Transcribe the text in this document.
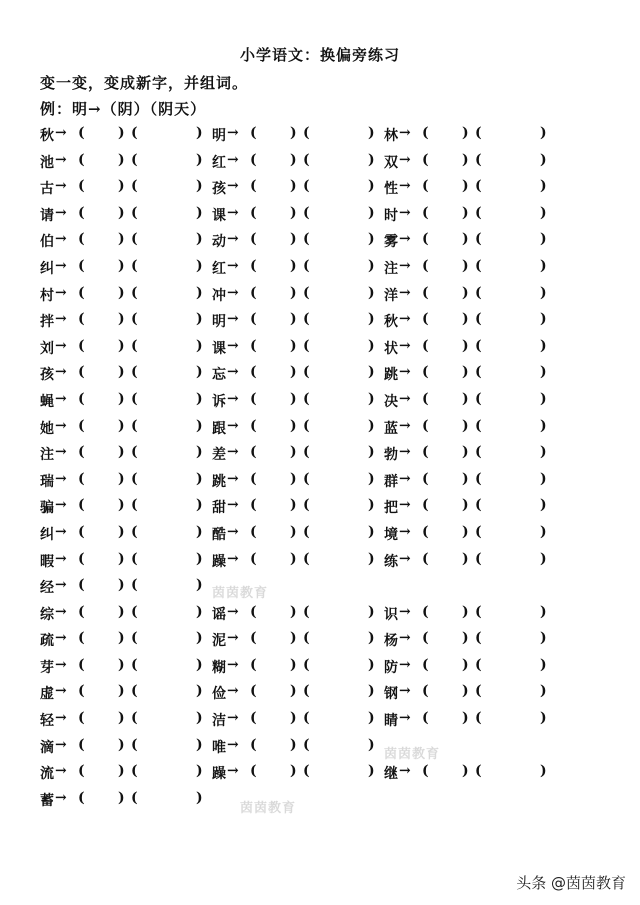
小学语文：换偏旁练习
变一变，变成新字，并组词。
例：明→（阴）（阴天）
秋 → ( ) (	) 明 → ( ) (	) 林 → ( ) (	)
池 → ( ) (	) 红 → ( ) (	) 双 → ( ) (	)
古 → ( ) (	) 孩 → ( ) (	) 性 → ( ) (	)
请 → ( ) (	) 课 → ( ) (	) 时 → ( ) (	)
伯 → ( ) (	) 动 → ( ) (	) 雾 → ( ) (	)
纠 → ( ) (	) 红 → ( ) (	) 注 → ( ) (	)
村 → ( ) (	) 冲 → ( ) (	) 洋 → ( ) (	)
拌 → ( ) (	) 明 → ( ) (	) 秋 → ( ) (	)
刘 → ( ) (	) 课 → ( ) (	) 状 → ( ) (	)
孩 → ( ) (	) 忘 → ( ) (	) 跳 → ( ) (	)
蝇 → ( ) (	) 诉 → ( ) (	) 决 → ( ) (	)
她 → ( ) (	) 跟 → ( ) (	) 蓝 → ( ) (	)
注 → ( ) (	) 差 → ( ) (	) 勃 → ( ) (	)
瑞 → ( ) (	) 跳 → ( ) (	) 群 → ( ) (	)
骗 → ( ) (	) 甜 → ( ) (	) 把 → ( ) (	)
纠 → ( ) (	) 酷 → ( ) (	) 境 → ( ) (	)
暇 → ( ) (	) 躁 → ( ) (	) 练 → ( ) (	)
经 → ( ) (	)
综 → ( ) (	) 谣 → ( ) (	) 识 → ( ) (	)
疏 → ( ) (	) 泥 → ( ) (	) 杨 → ( ) (	)
芽 → ( ) (	) 糊 → ( ) (	) 防 → ( ) (	)
虚 → ( ) (	) 俭 → ( ) (	) 钢 → ( ) (	)
轻 → ( ) (	) 洁 → ( ) (	) 睛 → ( ) (	)
滴 → ( ) (	) 唯 → ( ) (	)
流 → ( ) (	) 躁 → ( ) (	) 继 → ( ) (	)
蓄 → ( ) (	)
茵茵教育
茵茵教育
茵茵教育
头条 @茵茵教育
